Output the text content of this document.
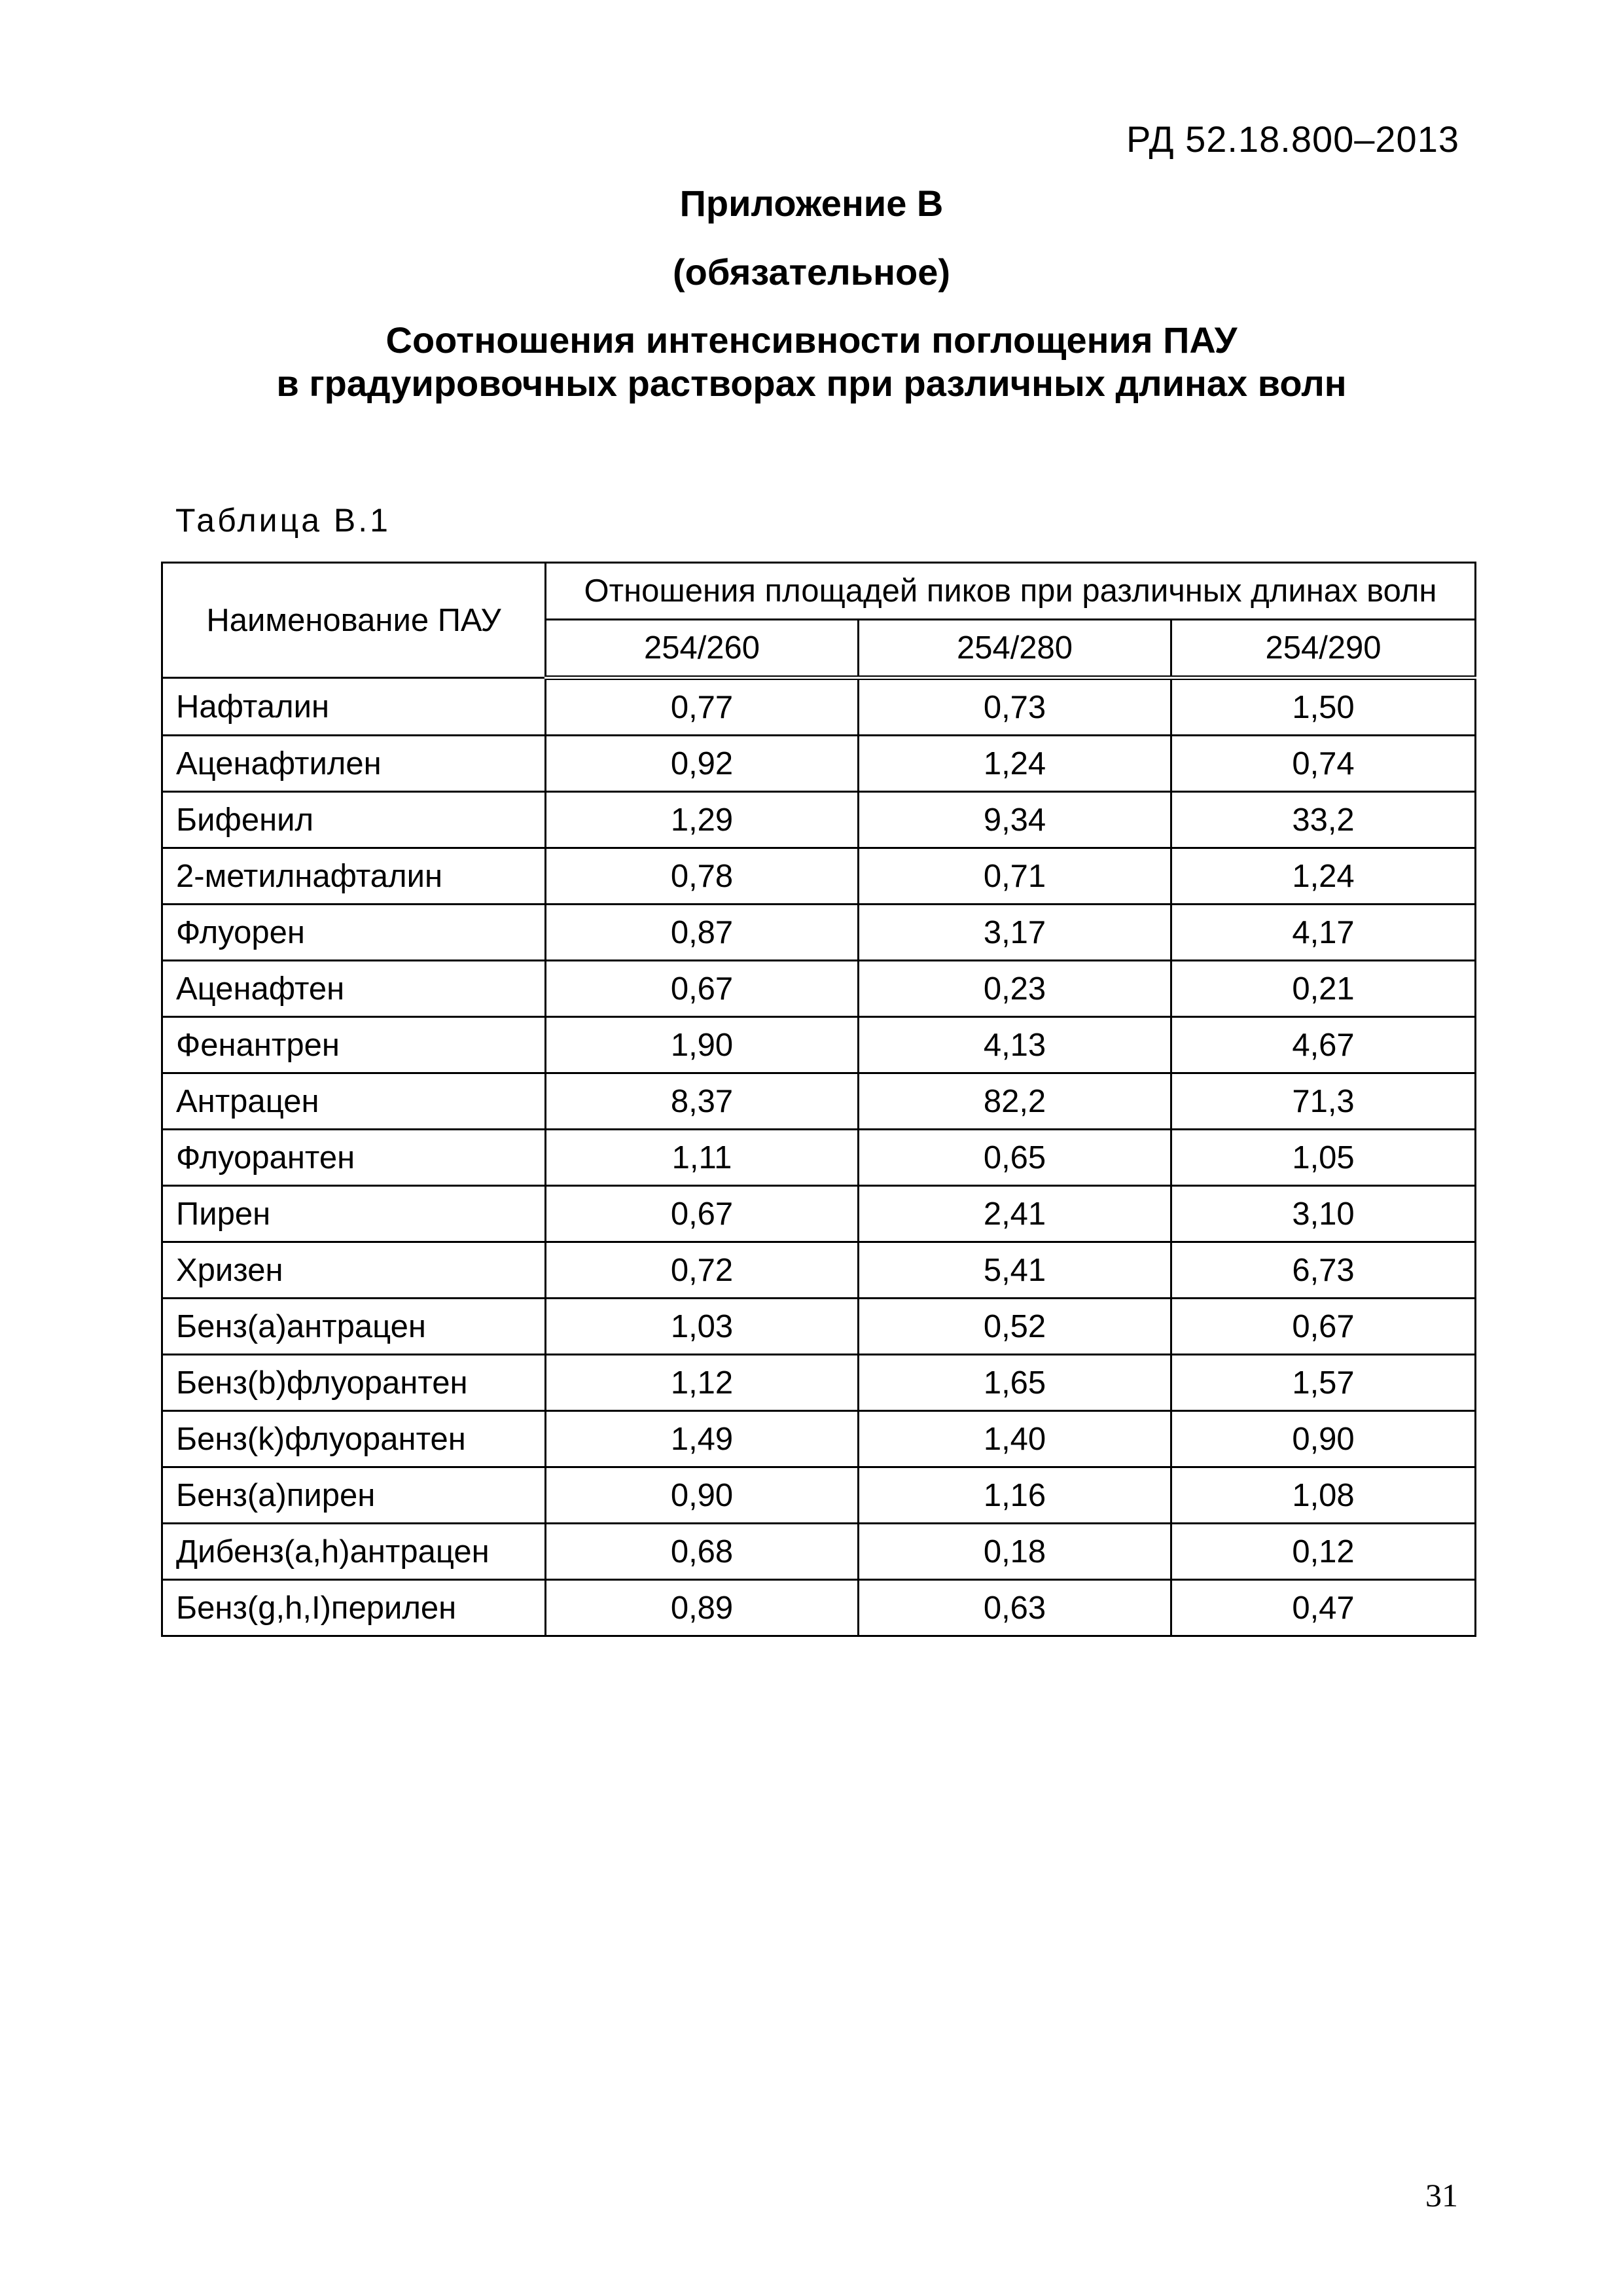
РД 52.18.800–2013
Приложение В
(обязательное)
Соотношения интенсивности поглощения ПАУ
в градуировочных растворах при различных длинах волн
Таблица В.1
Наименование ПАУ	Отношения площадей пиков при различных длинах волн		
	254/260	254/280	254/290
Нафталин	0,77	0,73	1,50
Аценафтилен	0,92	1,24	0,74
Бифенил	1,29	9,34	33,2
2-метилнафталин	0,78	0,71	1,24
Флуорен	0,87	3,17	4,17
Аценафтен	0,67	0,23	0,21
Фенантрен	1,90	4,13	4,67
Антрацен	8,37	82,2	71,3
Флуорантен	1,11	0,65	1,05
Пирен	0,67	2,41	3,10
Хризен	0,72	5,41	6,73
Бенз(а)антрацен	1,03	0,52	0,67
Бенз(b)флуорантен	1,12	1,65	1,57
Бенз(k)флуорантен	1,49	1,40	0,90
Бенз(а)пирен	0,90	1,16	1,08
Дибенз(a,h)антрацен	0,68	0,18	0,12
Бенз(g,h,I)перилен	0,89	0,63	0,47
31
